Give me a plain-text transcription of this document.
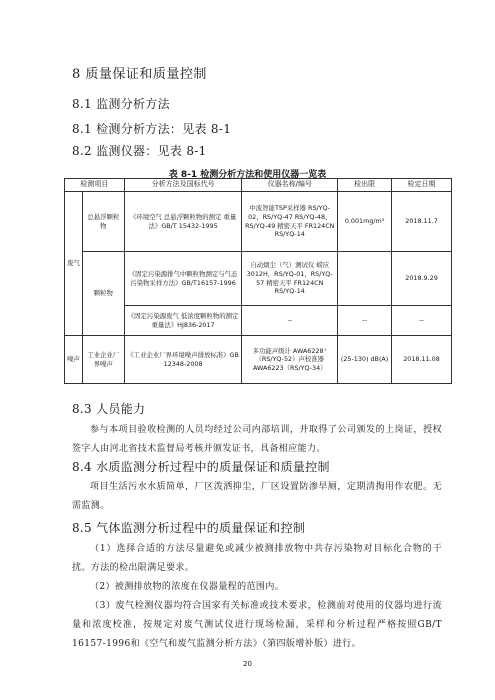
8 质量保证和质量控制
8.1 监测分析方法
8.1 检测分析方法：见表 8-1
8.2 监测仪器：见表 8-1
表 8-1 检测分析方法和使用仪器一览表
检测项目		分析方法及国标代号	仪器名称/编号	检出限	检定日期
废气	总悬浮颗粒物	《环境空气 总悬浮颗粒物的测定 重量法》GB/T 15432-1995	中流智能TSP采样器 RS/YQ-02、RS/YQ-47 RS/YQ-48、RS/YQ-49 精密天平 FR124CN RS/YQ-14	0.001mg/m³	2018.11.7
	颗粒物	《固定污染源排气中颗粒物测定与气态污染物采样方法》GB/T16157-1996	自动烟尘（气）测试仪 崂应 3012H，RS/YQ-01，RS/YQ-57 精密天平 FR124CN RS/YQ-14		2018.9.29
		《固定污染源废气 低浓度颗粒物的测定 重量法》HJ836-2017	--	--	--
噪声	工业企业厂界噪声	《工业企业厂界环境噪声排放标准》GB 12348-2008	多功能声级计 AWA6228⁺（RS/YQ-52）声校准器 AWA6223（RS/YQ-34）	(25-130) dB(A)	2018.11.08
8.3 人员能力
参与本项目验收检测的人员均经过公司内部培训，并取得了公司颁发的上岗证，授权签字人由河北省技术监督局考核并颁发证书，具备相应能力。
8.4 水质监测分析过程中的质量保证和质量控制
项目生活污水水质简单，厂区泼洒抑尘，厂区设置防渗旱厕，定期清掏用作农肥。无需监测。
8.5 气体监测分析过程中的质量保证和控制
（1）选择合适的方法尽量避免或减少被测排放物中共存污染物对目标化合物的干扰。方法的检出限满足要求。
（2）被测排放物的浓度在仪器量程的范围内。
（3）废气检测仪器均符合国家有关标准或技术要求，检测前对使用的仪器均进行流量和浓度校准，按规定对废气测试仪进行现场检漏，采样和分析过程严格按照GB/T 16157-1996和《空气和废气监测分析方法》（第四版增补版）进行。
20
